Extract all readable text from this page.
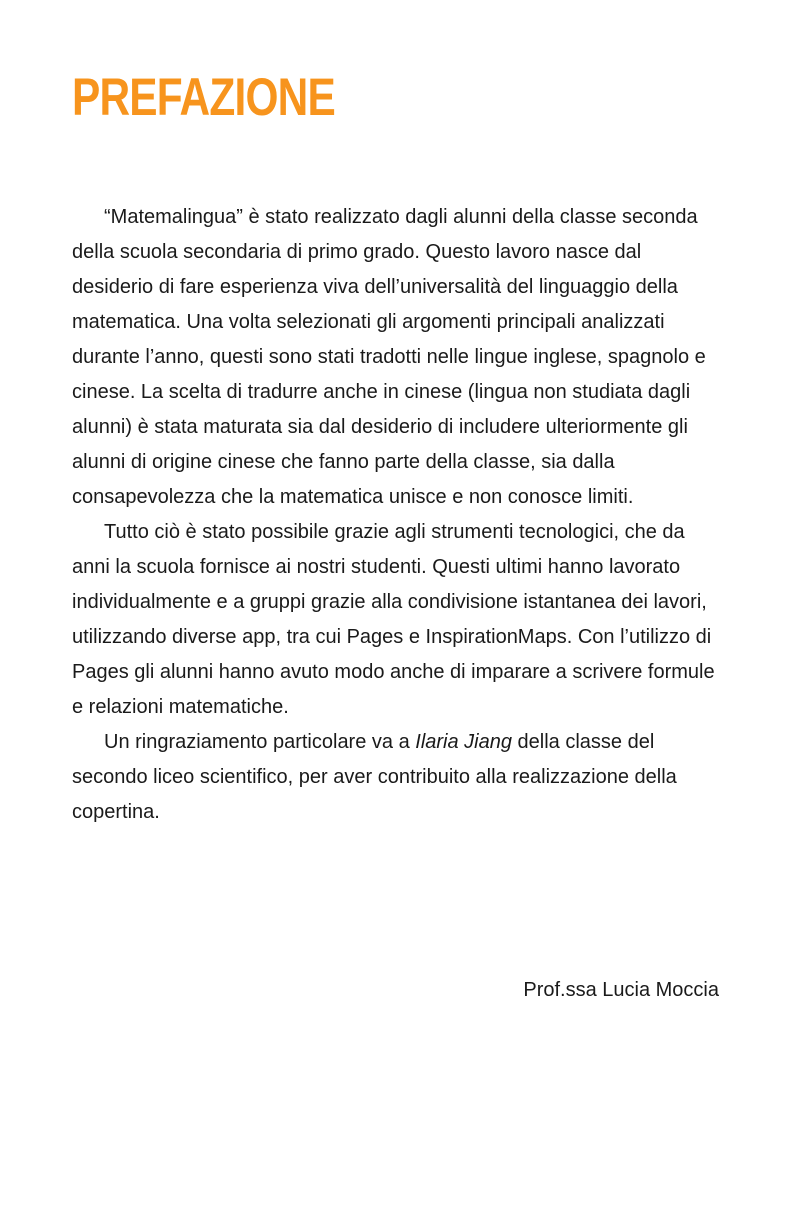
PREFAZIONE

“Matemalingua” è stato realizzato dagli alunni della classe seconda della scuola secondaria di primo grado. Questo lavoro nasce dal desiderio di fare esperienza viva dell’universalità del linguaggio della matematica. Una volta selezionati gli argomenti principali analizzati durante l’anno, questi sono stati tradotti nelle lingue inglese, spagnolo e cinese. La scelta di tradurre anche in cinese (lingua non studiata dagli alunni) è stata maturata sia dal desiderio di includere ulteriormente gli alunni di origine cinese che fanno parte della classe, sia dalla consapevolezza che la matematica unisce e non conosce limiti.

Tutto ciò è stato possibile grazie agli strumenti tecnologici, che da anni la scuola fornisce ai nostri studenti. Questi ultimi hanno lavorato individualmente e a gruppi grazie alla condivisione istantanea dei lavori, utilizzando diverse app, tra cui Pages e InspirationMaps. Con l’utilizzo di Pages gli alunni hanno avuto modo anche di imparare a scrivere formule e relazioni matematiche.

Un ringraziamento particolare va a Ilaria Jiang della classe del secondo liceo scientifico, per aver contribuito alla realizzazione della copertina.

Prof.ssa Lucia Moccia
